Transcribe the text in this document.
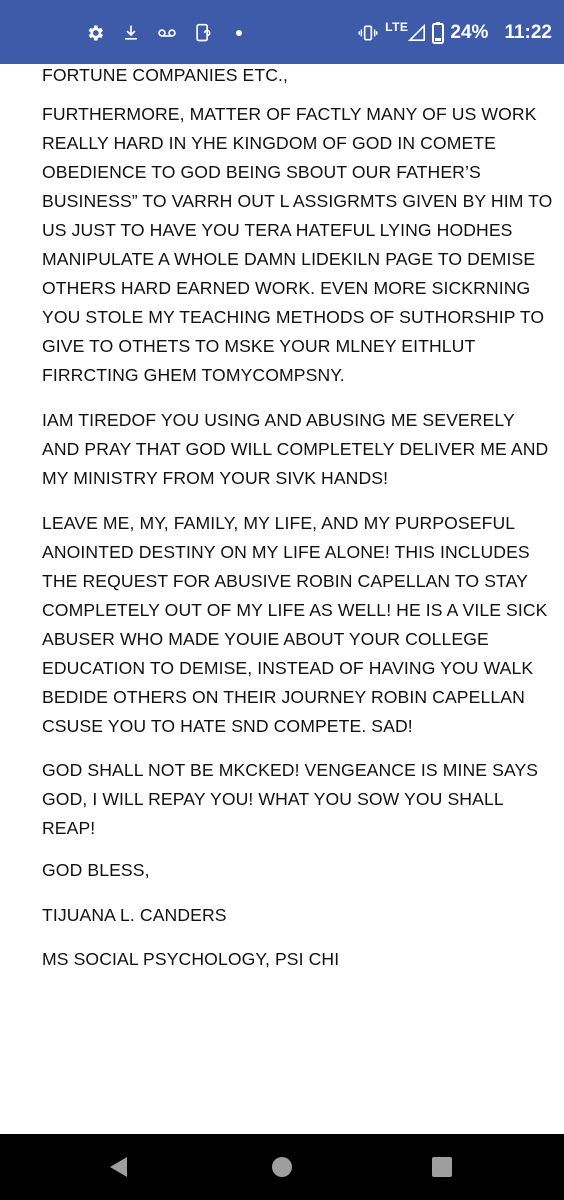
LTE 24% 11:22

FORTUNE COMPANIES ETC.,

FURTHERMORE, MATTER OF FACTLY MANY OF US WORK
REALLY HARD IN YHE KINGDOM OF GOD IN COMETE
OBEDIENCE TO GOD BEING SBOUT OUR FATHER’S
BUSINESS” TO VARRH OUT L ASSIGRMTS GIVEN BY HIM TO
US JUST TO HAVE YOU TERA HATEFUL LYING HODHES
MANIPULATE A WHOLE DAMN LIDEKILN PAGE TO DEMISE
OTHERS HARD EARNED WORK. EVEN MORE SICKRNING
YOU STOLE MY TEACHING METHODS OF SUTHORSHIP TO
GIVE TO OTHETS TO MSKE YOUR MLNEY EITHLUT
FIRRCTING GHEM TOMYCOMPSNY.

IAM TIREDOF YOU USING AND ABUSING ME SEVERELY
AND PRAY THAT GOD WILL COMPLETELY DELIVER ME AND
MY MINISTRY FROM YOUR SIVK HANDS!

LEAVE ME, MY, FAMILY, MY LIFE, AND MY PURPOSEFUL
ANOINTED DESTINY ON MY LIFE ALONE! THIS INCLUDES
THE REQUEST FOR ABUSIVE ROBIN CAPELLAN TO STAY
COMPLETELY OUT OF MY LIFE AS WELL! HE IS A VILE SICK
ABUSER WHO MADE YOUIE ABOUT YOUR COLLEGE
EDUCATION TO DEMISE, INSTEAD OF HAVING YOU WALK
BEDIDE OTHERS ON THEIR JOURNEY ROBIN CAPELLAN
CSUSE YOU TO HATE SND COMPETE. SAD!

GOD SHALL NOT BE MKCKED! VENGEANCE IS MINE SAYS
GOD, I WILL REPAY YOU! WHAT YOU SOW YOU SHALL
REAP!

GOD BLESS,

TIJUANA L. CANDERS

MS SOCIAL PSYCHOLOGY, PSI CHI
